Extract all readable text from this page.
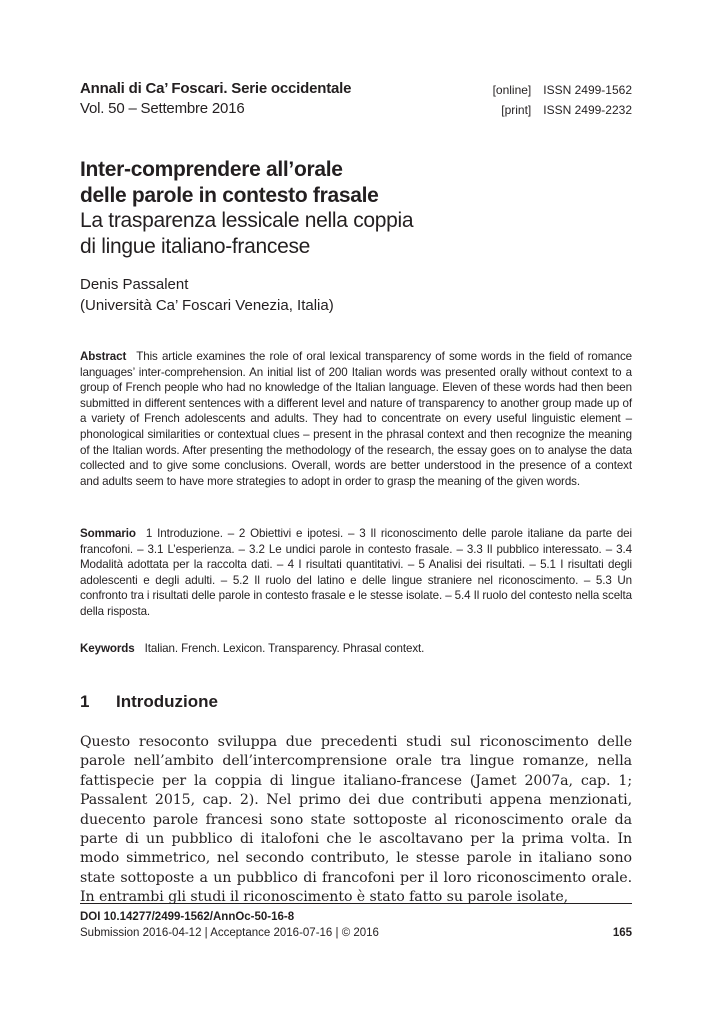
Annali di Ca’ Foscari. Serie occidentale
Vol. 50 – Settembre 2016
[online] ISSN 2499-1562
[print] ISSN 2499-2232
Inter-comprendere all’orale
delle parole in contesto frasale
La trasparenza lessicale nella coppia
di lingue italiano-francese
Denis Passalent
(Università Ca’ Foscari Venezia, Italia)
Abstract This article examines the role of oral lexical transparency of some words in the field of romance languages’ inter-comprehension. An initial list of 200 Italian words was presented orally without context to a group of French people who had no knowledge of the Italian language. Eleven of these words had then been submitted in different sentences with a different level and nature of transparency to another group made up of a variety of French adolescents and adults. They had to concentrate on every useful linguistic element – phonological similarities or contextual clues – present in the phrasal context and then recognize the meaning of the Italian words. After presenting the methodology of the research, the essay goes on to analyse the data collected and to give some conclusions. Overall, words are better understood in the presence of a context and adults seem to have more strategies to adopt in order to grasp the meaning of the given words.
Sommario 1 Introduzione. – 2 Obiettivi e ipotesi. – 3 Il riconoscimento delle parole italiane da parte dei francofoni. – 3.1 L’esperienza. – 3.2 Le undici parole in contesto frasale. – 3.3 Il pubblico interessato. – 3.4 Modalità adottata per la raccolta dati. – 4 I risultati quantitativi. – 5 Analisi dei risultati. – 5.1 I risultati degli adolescenti e degli adulti. – 5.2 Il ruolo del latino e delle lingue straniere nel riconoscimento. – 5.3 Un confronto tra i risultati delle parole in contesto frasale e le stesse isolate. – 5.4 Il ruolo del contesto nella scelta della risposta.
Keywords Italian. French. Lexicon. Transparency. Phrasal context.
1 Introduzione
Questo resoconto sviluppa due precedenti studi sul riconoscimento delle parole nell’ambito dell’intercomprensione orale tra lingue romanze, nella fattispecie per la coppia di lingue italiano-francese (Jamet 2007a, cap. 1; Passalent 2015, cap. 2). Nel primo dei due contributi appena menzionati, duecento parole francesi sono state sottoposte al riconoscimento orale da parte di un pubblico di italofoni che le ascoltavano per la prima volta. In modo simmetrico, nel secondo contributo, le stesse parole in italiano sono state sottoposte a un pubblico di francofoni per il loro riconoscimento orale. In entrambi gli studi il riconoscimento è stato fatto su parole isolate,
DOI 10.14277/2499-1562/AnnOc-50-16-8
Submission 2016-04-12 | Acceptance 2016-07-16 | © 2016	165
